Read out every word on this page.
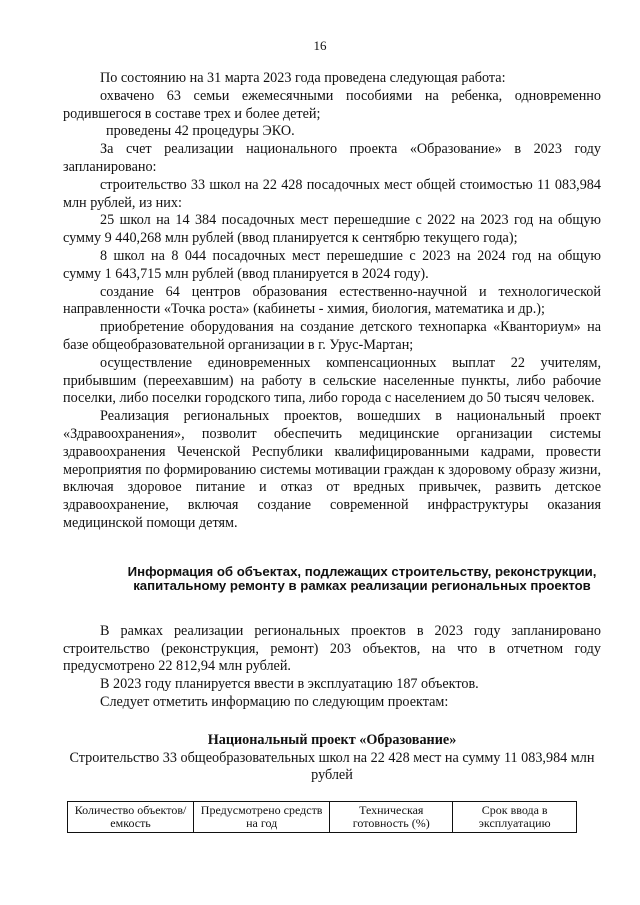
16

По состоянию на 31 марта 2023 года проведена следующая работа:

охвачено 63 семьи ежемесячными пособиями на ребенка, одновременно родившегося в составе трех и более детей;

проведены 42 процедуры ЭКО.

За счет реализации национального проекта «Образование» в 2023 году запланировано:

строительство 33 школ на 22 428 посадочных мест общей стоимостью 11 083,984 млн рублей, из них:

25 школ на 14 384 посадочных мест перешедшие с 2022 на 2023 год на общую сумму 9 440,268 млн рублей (ввод планируется к сентябрю текущего года);

8 школ на 8 044 посадочных мест перешедшие с 2023 на 2024 год на общую сумму 1 643,715 млн рублей (ввод планируется в 2024 году).

создание 64 центров образования естественно-научной и технологической направленности «Точка роста» (кабинеты - химия, биология, математика и др.);

приобретение оборудования на создание детского технопарка «Кванториум» на базе общеобразовательной организации в г. Урус-Мартан;

осуществление единовременных компенсационных выплат 22 учителям, прибывшим (переехавшим) на работу в сельские населенные пункты, либо рабочие поселки, либо поселки городского типа, либо города с населением до 50 тысяч человек.

Реализация региональных проектов, вошедших в национальный проект «Здравоохранения», позволит обеспечить медицинские организации системы здравоохранения Чеченской Республики квалифицированными кадрами, провести мероприятия по формированию системы мотивации граждан к здоровому образу жизни, включая здоровое питание и отказ от вредных привычек, развить детское здравоохранение, включая создание современной инфраструктуры оказания медицинской помощи детям.

Информация об объектах, подлежащих строительству, реконструкции, капитальному ремонту в рамках реализации региональных проектов

В рамках реализации региональных проектов в 2023 году запланировано строительство (реконструкция, ремонт) 203 объектов, на что в отчетном году предусмотрено 22 812,94 млн рублей.

В 2023 году планируется ввести в эксплуатацию 187 объектов.

Следует отметить информацию по следующим проектам:

Национальный проект «Образование»
Строительство 33 общеобразовательных школ на 22 428 мест на сумму 11 083,984 млн рублей
Количество объектов/емкость	Предусмотрено средств на год	Техническая готовность (%)	Срок ввода в эксплуатацию
